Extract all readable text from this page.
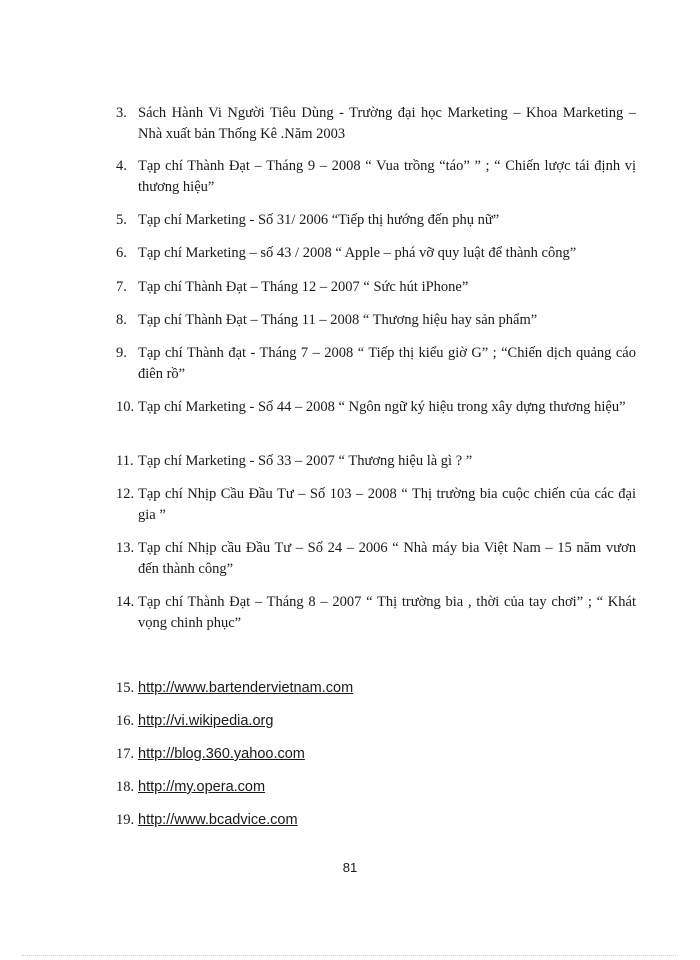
3. Sách Hành Vi Người Tiêu Dùng - Trường đại học Marketing – Khoa Marketing – Nhà xuất bản Thống Kê .Năm 2003
4. Tạp chí Thành Đạt – Tháng 9 – 2008 “ Vua trồng “táo” ” ; “ Chiến lược tái định vị thương hiệu”
5. Tạp chí Marketing - Số 31/ 2006 “Tiếp thị hướng đến phụ nữ”
6. Tạp chí Marketing – số 43 / 2008 “ Apple – phá vỡ quy luật để thành công”
7. Tạp chí Thành Đạt – Tháng 12 – 2007 “ Sức hút iPhone”
8. Tạp chí Thành Đạt – Tháng 11 – 2008 “ Thương hiệu hay sản phẩm”
9. Tạp chí Thành đạt - Tháng 7 – 2008 “ Tiếp thị kiểu giờ G” ; “Chiến dịch quảng cáo điên rồ”
10. Tạp chí Marketing - Số 44 – 2008 “ Ngôn ngữ ký hiệu trong xây dựng thương hiệu”
11. Tạp chí Marketing - Số 33 – 2007 “ Thương hiệu là gì ? ”
12. Tạp chí Nhịp Cầu Đầu Tư – Số 103 – 2008 “ Thị trường bia cuộc chiến của các đại gia ”
13. Tạp chí Nhịp cầu Đầu Tư – Số 24 – 2006 “ Nhà máy bia Việt Nam – 15 năm vươn đến thành công”
14. Tạp chí Thành Đạt – Tháng 8 – 2007 “ Thị trường bia , thời của tay chơi” ; “ Khát vọng chinh phục”
15. http://www.bartendervietnam.com
16. http://vi.wikipedia.org
17. http://blog.360.yahoo.com
18. http://my.opera.com
19. http://www.bcadvice.com
81
